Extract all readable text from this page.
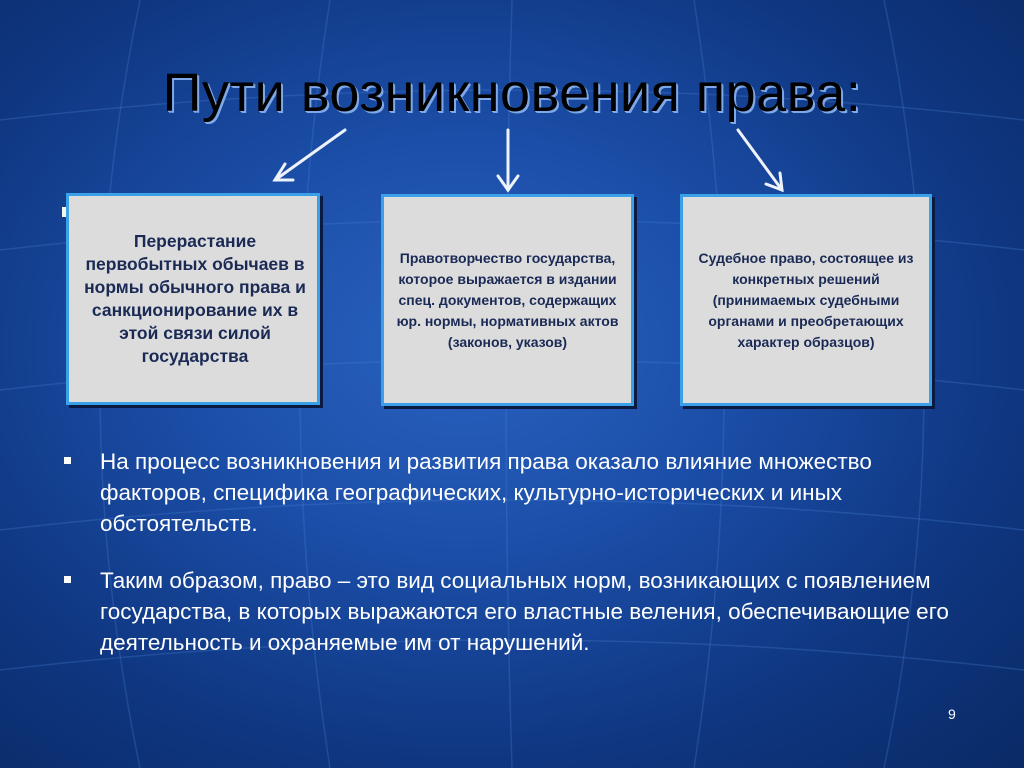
Пути возникновения права:
Перерастание первобытных обычаев в нормы обычного права и санкционирование их в этой связи силой государства
Правотворчество государства, которое выражается в издании спец. документов, содержащих юр. нормы, нормативных актов (законов, указов)
Судебное право, состоящее из конкретных решений (принимаемых судебными органами и преобретающих характер образцов)
На процесс возникновения и развития права оказало влияние множество факторов, специфика географических, культурно-исторических и иных обстоятельств.
Таким образом, право – это вид социальных норм, возникающих с появлением государства, в которых выражаются его властные веления, обеспечивающие его деятельность и охраняемые им от нарушений.
9
